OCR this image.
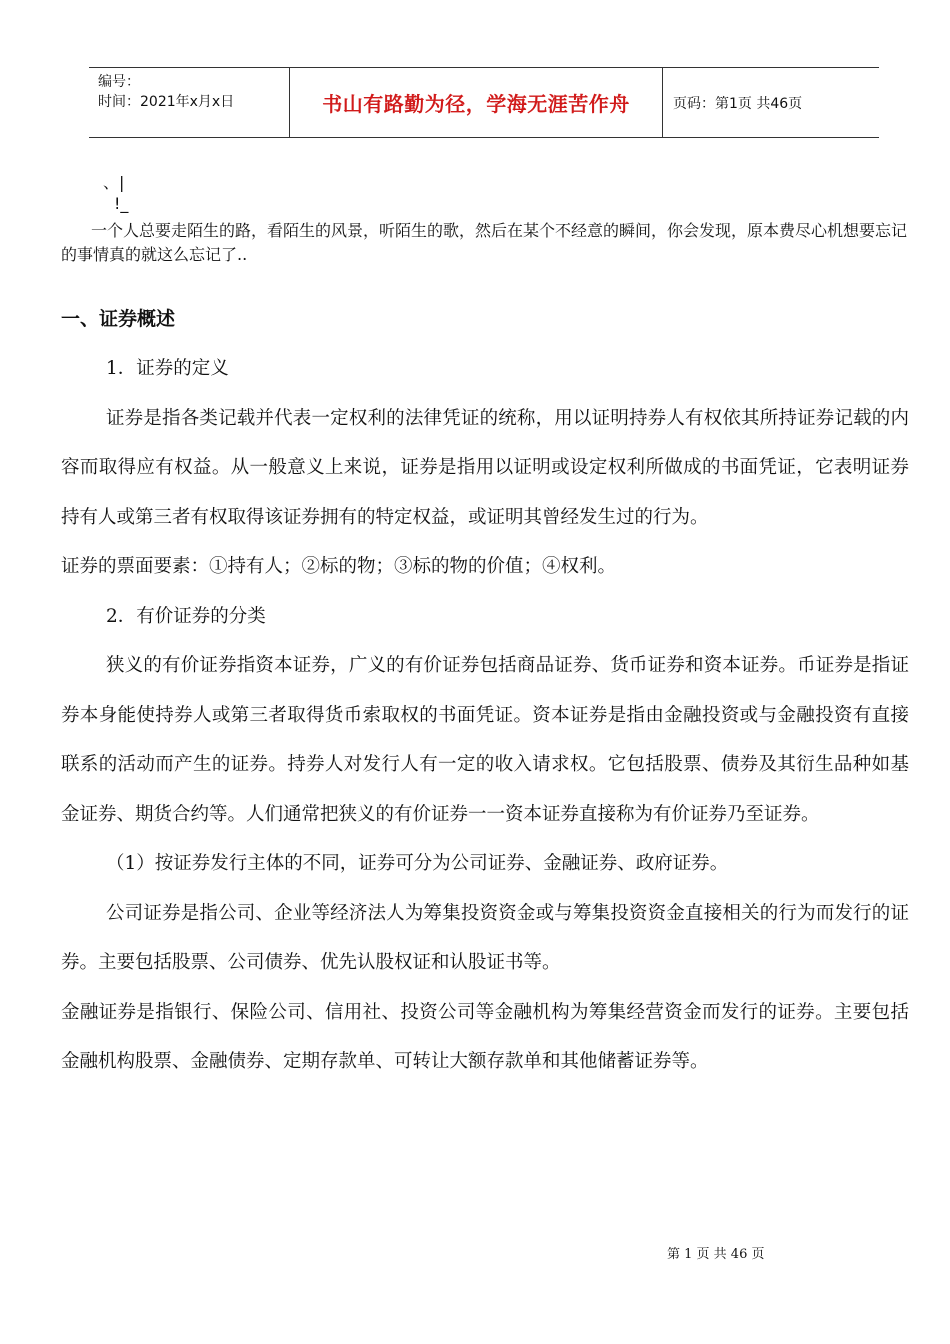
编号：
时间：2021年x月x日	书山有路勤为径，学海无涯苦作舟	页码：第1页 共46页
、|
!_
一个人总要走陌生的路，看陌生的风景，听陌生的歌，然后在某个不经意的瞬间，你会发现，原本费尽心机想要忘记的事情真的就这么忘记了..
一、证券概述

1．证券的定义

证券是指各类记载并代表一定权利的法律凭证的统称，用以证明持券人有权依其所持证券记载的内容而取得应有权益。从一般意义上来说，证券是指用以证明或设定权利所做成的书面凭证，它表明证券持有人或第三者有权取得该证券拥有的特定权益，或证明其曾经发生过的行为。

证券的票面要素：①持有人；②标的物；③标的物的价值；④权利。

2．有价证券的分类

狭义的有价证券指资本证券，广义的有价证券包括商品证券、货币证券和资本证券。币证券是指证券本身能使持券人或第三者取得货币索取权的书面凭证。资本证券是指由金融投资或与金融投资有直接联系的活动而产生的证券。持券人对发行人有一定的收入请求权。它包括股票、债券及其衍生品种如基金证券、期货合约等。人们通常把狭义的有价证券一一资本证券直接称为有价证券乃至证券。

（1）按证券发行主体的不同，证券可分为公司证券、金融证券、政府证券。

公司证券是指公司、企业等经济法人为筹集投资资金或与筹集投资资金直接相关的行为而发行的证券。主要包括股票、公司债券、优先认股权证和认股证书等。

金融证券是指银行、保险公司、信用社、投资公司等金融机构为筹集经营资金而发行的证券。主要包括金融机构股票、金融债券、定期存款单、可转让大额存款单和其他储蓄证券等。

第 1 页 共 46 页
